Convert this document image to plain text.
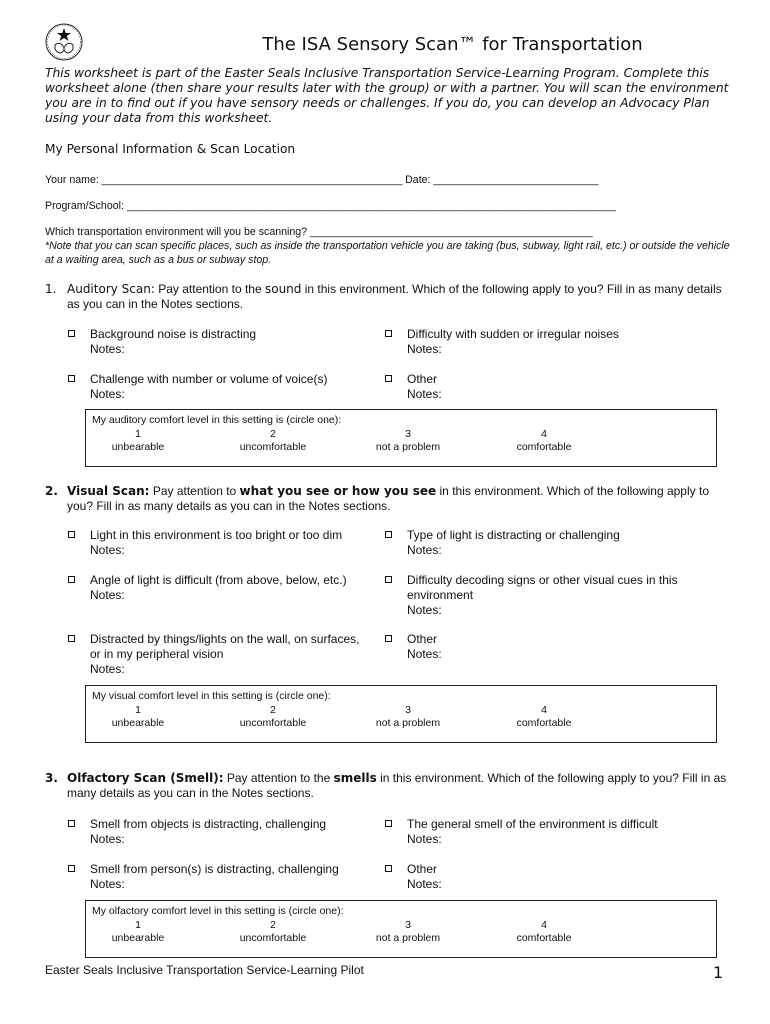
The ISA Sensory Scan™ for Transportation
This worksheet is part of the Easter Seals Inclusive Transportation Service-Learning Program. Complete this worksheet alone (then share your results later with the group) or with a partner. You will scan the environment you are in to find out if you have sensory needs or challenges. If you do, you can develop an Advocacy Plan using your data from this worksheet.
My Personal Information & Scan Location
Your name: ___________________________________________________ Date: ____________________________
Program/School: ___________________________________________________________________________________
Which transportation environment will you be scanning? ________________________________________________
*Note that you can scan specific places, such as inside the transportation vehicle you are taking (bus, subway, light rail, etc.) or outside the vehicle at a waiting area, such as a bus or subway stop.
1. Auditory Scan: Pay attention to the sound in this environment. Which of the following apply to you? Fill in as many details as you can in the Notes sections.
Background noise is distracting
Notes:
Difficulty with sudden or irregular noises
Notes:
Challenge with number or volume of voice(s)
Notes:
Other
Notes:
My auditory comfort level in this setting is (circle one):
1
unbearable
2
uncomfortable
3
not a problem
4
comfortable
2. Visual Scan: Pay attention to what you see or how you see in this environment. Which of the following apply to you? Fill in as many details as you can in the Notes sections.
Light in this environment is too bright or too dim
Notes:
Type of light is distracting or challenging
Notes:
Angle of light is difficult (from above, below, etc.)
Notes:
Difficulty decoding signs or other visual cues in this environment
Notes:
Distracted by things/lights on the wall, on surfaces, or in my peripheral vision
Notes:
Other
Notes:
My visual comfort level in this setting is (circle one):
1
unbearable
2
uncomfortable
3
not a problem
4
comfortable
3. Olfactory Scan (Smell): Pay attention to the smells in this environment. Which of the following apply to you? Fill in as many details as you can in the Notes sections.
Smell from objects is distracting, challenging
Notes:
The general smell of the environment is difficult
Notes:
Smell from person(s) is distracting, challenging
Notes:
Other
Notes:
My olfactory comfort level in this setting is (circle one):
1
unbearable
2
uncomfortable
3
not a problem
4
comfortable
Easter Seals Inclusive Transportation Service-Learning Pilot	1
